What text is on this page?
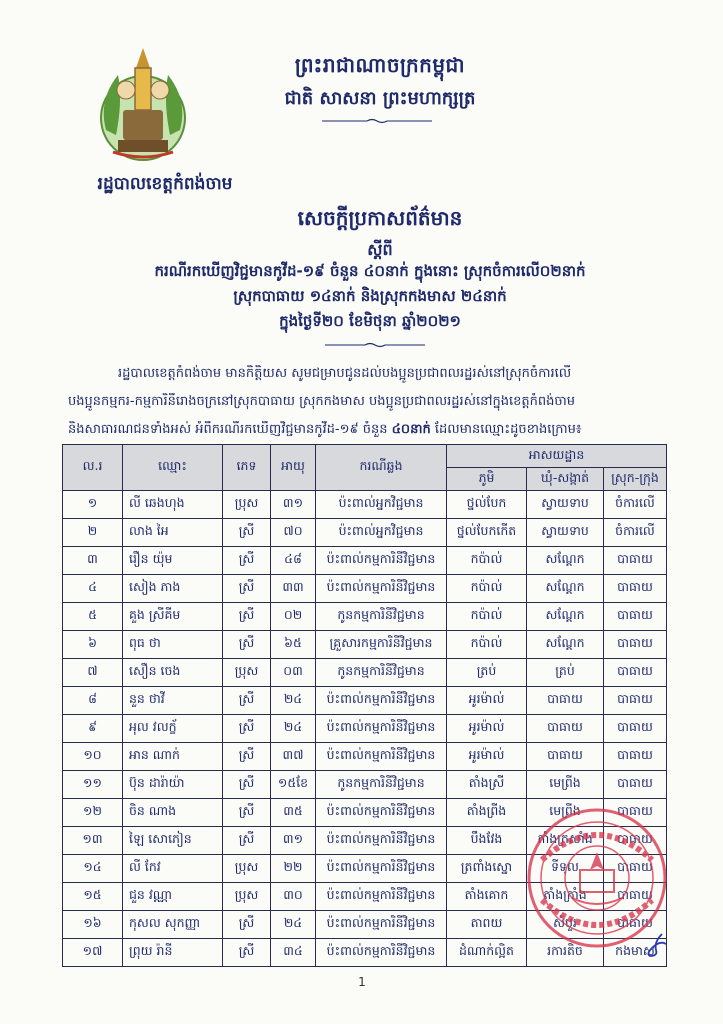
ព្រះរាជាណាចក្រកម្ពុជា
ជាតិ សាសនា ព្រះមហាក្សត្រ
រដ្ឋបាលខេត្តកំពង់ចាម
សេចក្ដីប្រកាសព័ត៌មាន
ស្ដីពី
ករណីរកឃើញវិជ្ជមានកូវីដ-១៩ ចំនួន ៤០នាក់ ក្នុងនោះ ស្រុកចំការលើ០២នាក់
ស្រុកបាធាយ ១៤នាក់ និងស្រុកកងមាស ២៤នាក់
ក្នុងថ្ងៃទី២០ ខែមិថុនា ឆ្នាំ២០២១
រដ្ឋបាលខេត្តកំពង់ចាម មានកិត្តិយស សូមជម្រាបជូនដល់បងប្អូនប្រជាពលរដ្ឋរស់នៅស្រុកចំការលើ
បងប្អូនកម្មករ-កម្មការិនីរោងចក្រនៅស្រុកបាធាយ ស្រុកកងមាស បងប្អូនប្រជាពលរដ្ឋរស់នៅក្នុងខេត្តកំពង់ចាម
និងសាធារណជនទាំងអស់ អំពីករណីរកឃើញវិជ្ជមានកូវីដ-១៩ ចំនួន ៤០នាក់ ដែលមានឈ្មោះដូចខាងក្រោម៖
ល.រ	ឈ្មោះ	ភេទ	អាយុ	ករណីឆ្លង	អាសយដ្ឋាន		
					ភូមិ	ឃុំ-សង្កាត់	ស្រុក-ក្រុង
១	លី ឆេងហុង	ប្រុស	៣១	ប៉ះពាល់អ្នកវិជ្ជមាន	ថ្នល់បែក	ស្វាយទាប	ចំការលើ
២	លាង អៃ	ស្រី	៧០	ប៉ះពាល់អ្នកវិជ្ជមាន	ថ្នល់បែកកើត	ស្វាយទាប	ចំការលើ
៣	រឿន យ៉ុម	ស្រី	៤៨	ប៉ះពាល់កម្មការិនីវិជ្ជមាន	កប៉ាល់	សណ្ដែក	បាធាយ
៤	សៀង ភាង	ស្រី	៣៣	ប៉ះពាល់កម្មការិនីវិជ្ជមាន	កប៉ាល់	សណ្ដែក	បាធាយ
៥	គួង ស្រីគីម	ស្រី	០២	កូនកម្មការិនីវិជ្ជមាន	កប៉ាល់	សណ្ដែក	បាធាយ
៦	ពុធ ថា	ស្រី	៦៥	គ្រួសារកម្មការិនីវិជ្ជមាន	កប៉ាល់	សណ្ដែក	បាធាយ
៧	សឿន ចេង	ប្រុស	០៣	កូនកម្មការិនីវិជ្ជមាន	ត្រប់	ត្រប់	បាធាយ
៨	នួន ថាវី	ស្រី	២៤	ប៉ះពាល់កម្មការិនីវិជ្ជមាន	អូរម៉ាល់	បាធាយ	បាធាយ
៩	អុល វលក្ខ័	ស្រី	២៤	ប៉ះពាល់កម្មការិនីវិជ្ជមាន	អូរម៉ាល់	បាធាយ	បាធាយ
១០	អាន ណាក់	ស្រី	៣៧	ប៉ះពាល់កម្មការិនីវិជ្ជមាន	អូរម៉ាល់	បាធាយ	បាធាយ
១១	ប៊ុន ដារ៉ាយ៉ា	ស្រី	១៥ខែ	កូនកម្មការិនីវិជ្ជមាន	តាំងស្រី	មេព្រីង	បាធាយ
១២	ចិន ណាង	ស្រី	៣៥	ប៉ះពាល់កម្មការិនីវិជ្ជមាន	តាំងព្រីង	មេព្រីង	បាធាយ
១៣	ឡៃ សោភៀន	ស្រី	៣១	ប៉ះពាល់កម្មការិនីវិជ្ជមាន	បឹងវែង	តាំងក្រសាំង	បាធាយ
១៤	លី កែវ	ប្រុស	២២	ប៉ះពាល់កម្មការិនីវិជ្ជមាន	ត្រពាំងស្នោ	ទីទុល	បាធាយ
១៥	ជួន វណ្ណា	ប្រុស	៣០	ប៉ះពាល់កម្មការិនីវិជ្ជមាន	តាំងគោក	តាំងក្រាំង	បាធាយ
១៦	កុសល សុកញ្ញា	ស្រី	២៤	ប៉ះពាល់កម្មការិនីវិជ្ជមាន	តាពយ	សំបួរ	បាធាយ
១៧	ព្រុយ រ៉ានី	ស្រី	៣៤	ប៉ះពាល់កម្មការិនីវិជ្ជមាន	ដំណាក់ល្អិត	រការតិច	កងមាស
1
